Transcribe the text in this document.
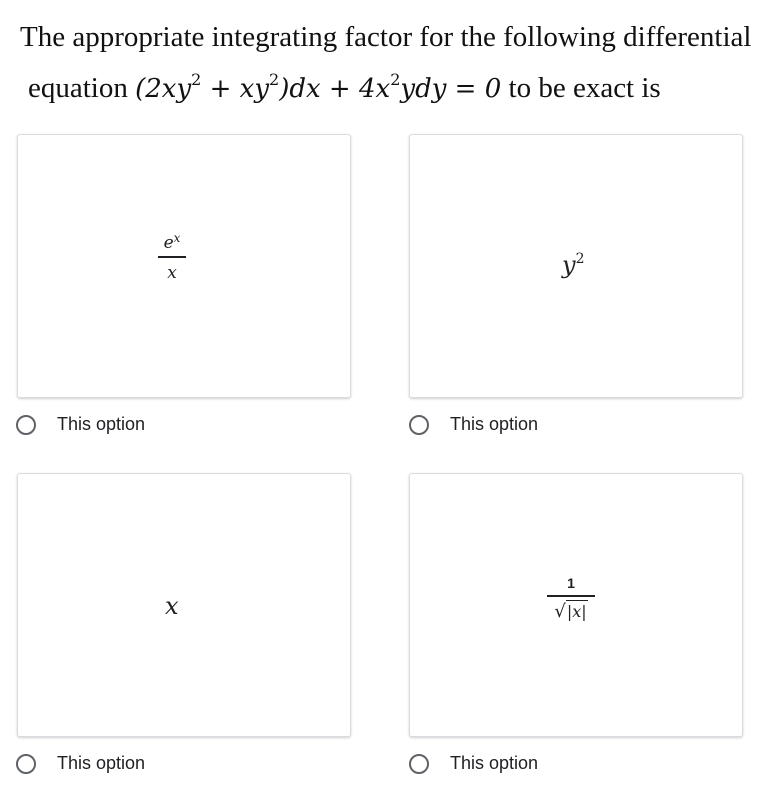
The appropriate integrating factor for the following differential
equation $(2xy^2 + xy^2)dx + 4x^2ydy = 0$ to be exact is
$e^x$
x
This option
$y^2$
This option
x
This option
1
√ |x|
This option
